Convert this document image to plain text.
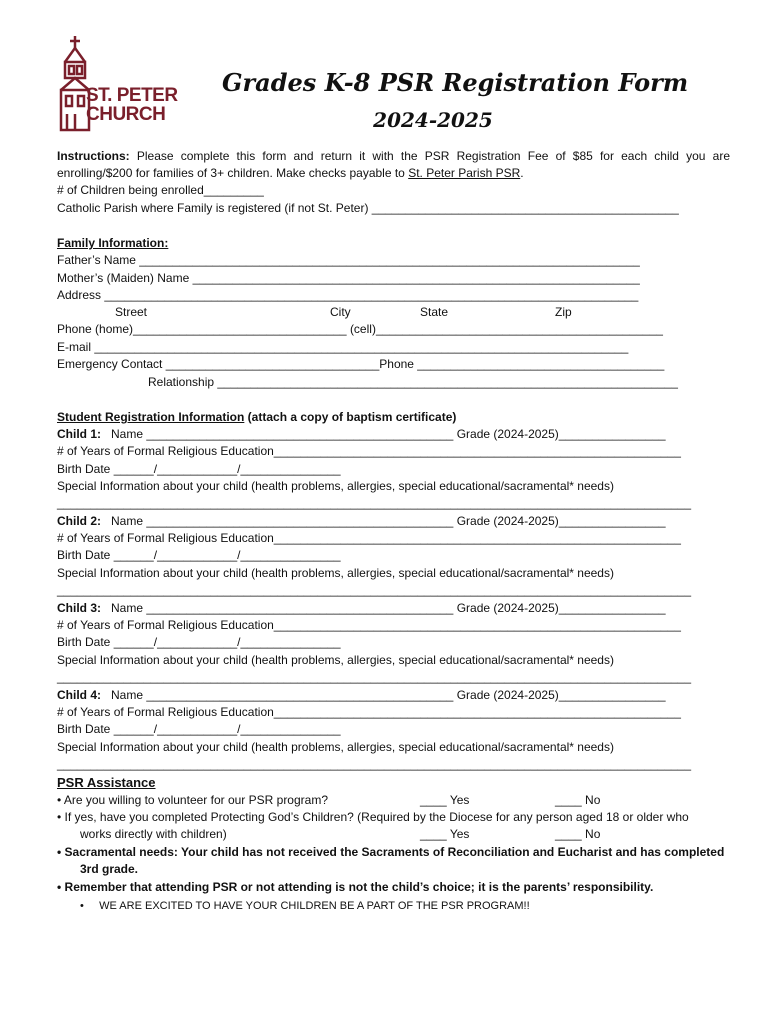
ST. PETER
CHURCH
Grades K-8 PSR Registration Form
2024-2025
Instructions: Please complete this form and return it with the PSR Registration Fee of $85 for each child you are
enrolling/$200 for families of 3+ children. Make checks payable to St. Peter Parish PSR.
# of Children being enrolled_________
Catholic Parish where Family is registered (if not St. Peter) ______________________________________________
Family Information:
Father’s Name ___________________________________________________________________________
Mother’s (Maiden) Name ___________________________________________________________________
Address ________________________________________________________________________________
Street	City	State	Zip
Phone (home)________________________________ (cell)___________________________________________
E-mail ________________________________________________________________________________
Emergency Contact ________________________________Phone _____________________________________
Relationship _____________________________________________________________________
Student Registration Information (attach a copy of baptism certificate)
Child 1: Name ______________________________________________ Grade (2024-2025)________________
# of Years of Formal Religious Education_____________________________________________________________
Birth Date ______/____________/_______________
Special Information about your child (health problems, allergies, special educational/sacramental* needs)
_______________________________________________________________________________________________
Child 2: Name ______________________________________________ Grade (2024-2025)________________
# of Years of Formal Religious Education_____________________________________________________________
Birth Date ______/____________/_______________
Special Information about your child (health problems, allergies, special educational/sacramental* needs)
_______________________________________________________________________________________________
Child 3: Name ______________________________________________ Grade (2024-2025)________________
# of Years of Formal Religious Education_____________________________________________________________
Birth Date ______/____________/_______________
Special Information about your child (health problems, allergies, special educational/sacramental* needs)
_______________________________________________________________________________________________
Child 4: Name ______________________________________________ Grade (2024-2025)________________
# of Years of Formal Religious Education_____________________________________________________________
Birth Date ______/____________/_______________
Special Information about your child (health problems, allergies, special educational/sacramental* needs)
_______________________________________________________________________________________________
PSR Assistance
• Are you willing to volunteer for our PSR program?	____ Yes	____ No
• If yes, have you completed Protecting God’s Children? (Required by the Diocese for any person aged 18 or older who
works directly with children)	____ Yes	____ No
• Sacramental needs: Your child has not received the Sacraments of Reconciliation and Eucharist and has completed
3rd grade.
• Remember that attending PSR or not attending is not the child’s choice; it is the parents’ responsibility.
•     WE ARE EXCITED TO HAVE YOUR CHILDREN BE A PART OF THE PSR PROGRAM!!
